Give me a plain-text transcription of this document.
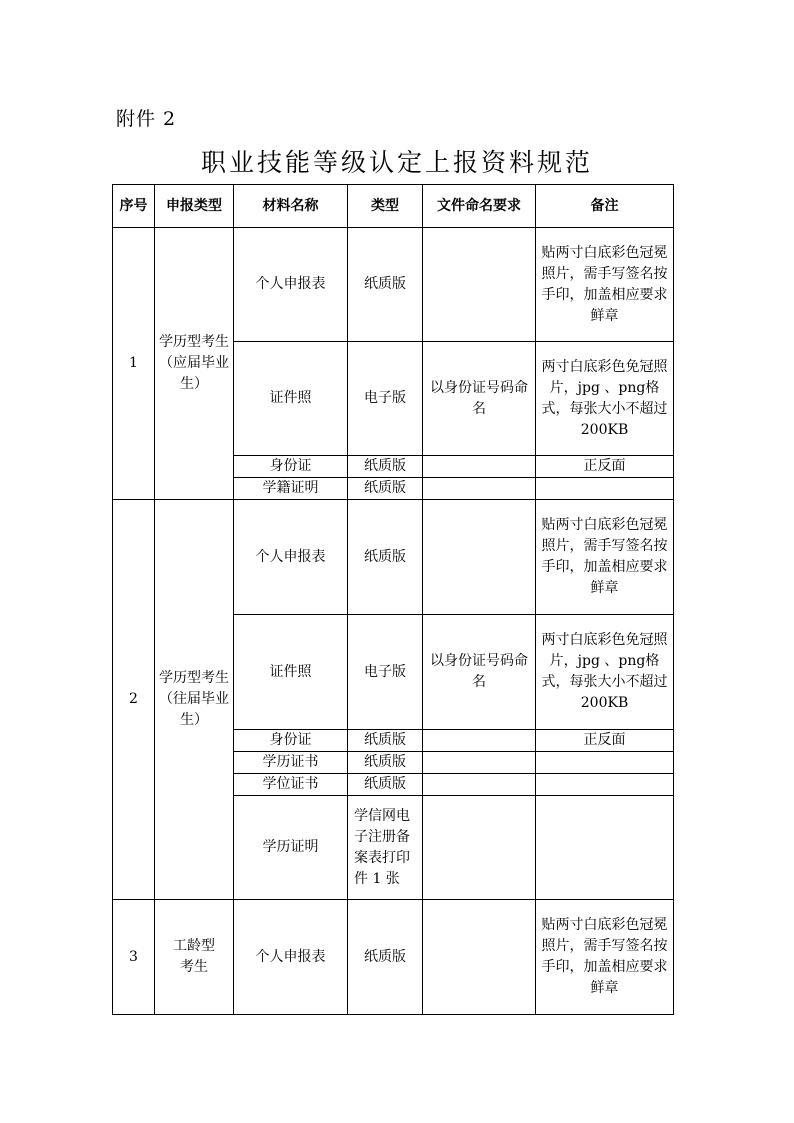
附件 2
职业技能等级认定上报资料规范
序号	申报类型	材料名称	类型	文件命名要求	备注
1	学历型考生（应届毕业生）	个人申报表	纸质版		贴两寸白底彩色冠冕照片，需手写签名按手印，加盖相应要求鲜章
		证件照	电子版	以身份证号码命名	两寸白底彩色免冠照片，jpg 、png格式，每张大小不超过 200KB
		身份证	纸质版		正反面
		学籍证明	纸质版		
2	学历型考生（往届毕业生）	个人申报表	纸质版		贴两寸白底彩色冠冕照片，需手写签名按手印，加盖相应要求鲜章
		证件照	电子版	以身份证号码命名	两寸白底彩色免冠照片，jpg 、png格式，每张大小不超过 200KB
		身份证	纸质版		正反面
		学历证书	纸质版		
		学位证书	纸质版		
		学历证明	学信网电子注册备案表打印件 1 张		
3	工龄型考生	个人申报表	纸质版		贴两寸白底彩色冠冕照片，需手写签名按手印，加盖相应要求鲜章
